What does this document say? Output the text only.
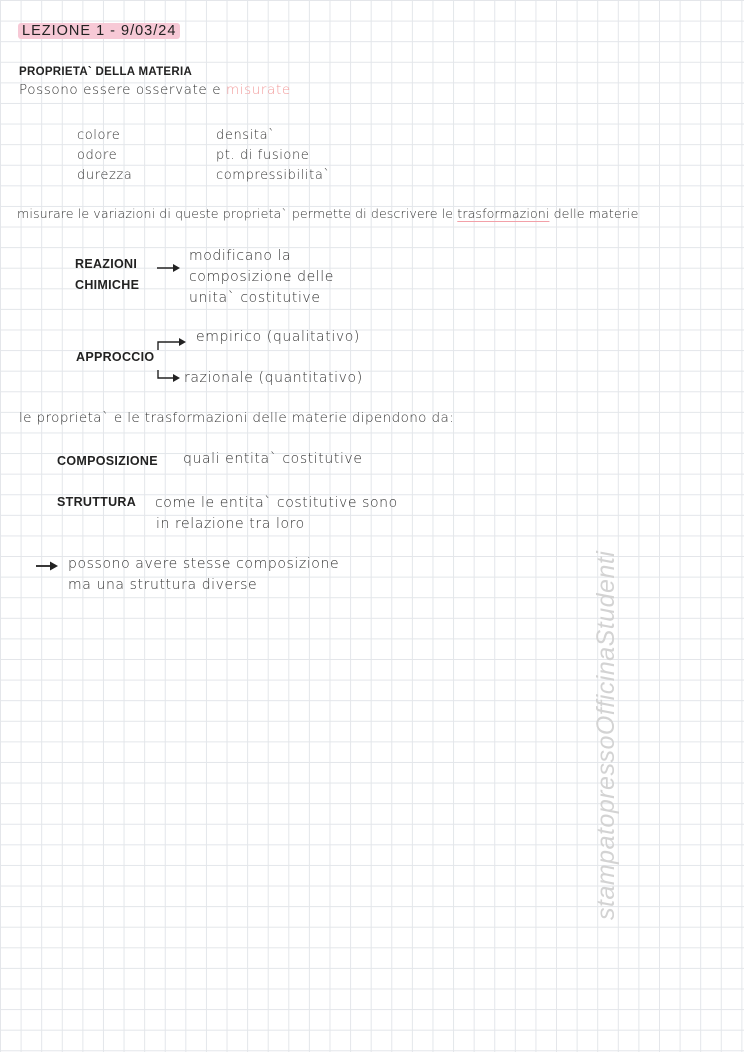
LEZIONE 1 - 9/03/24
PROPRIETA` DELLA MATERIA
Possono essere osservate e misurate
colore
odore
durezza
densita`
pt. di fusione
compressibilita`
misurare le variazioni di queste proprieta` permette di descrivere le trasformazioni delle materie
REAZIONI
CHIMICHE
modificano la
composizione delle
unita` costitutive
empirico (qualitativo)
APPROCCIO
razionale (quantitativo)
le proprieta` e le trasformazioni delle materie dipendono da:
COMPOSIZIONE quali entita` costitutive
STRUTTURA come le entita` costitutive sono
in relazione tra loro
possono avere stesse composizione
ma una struttura diverse	stampatopressoOfficinaStudenti
